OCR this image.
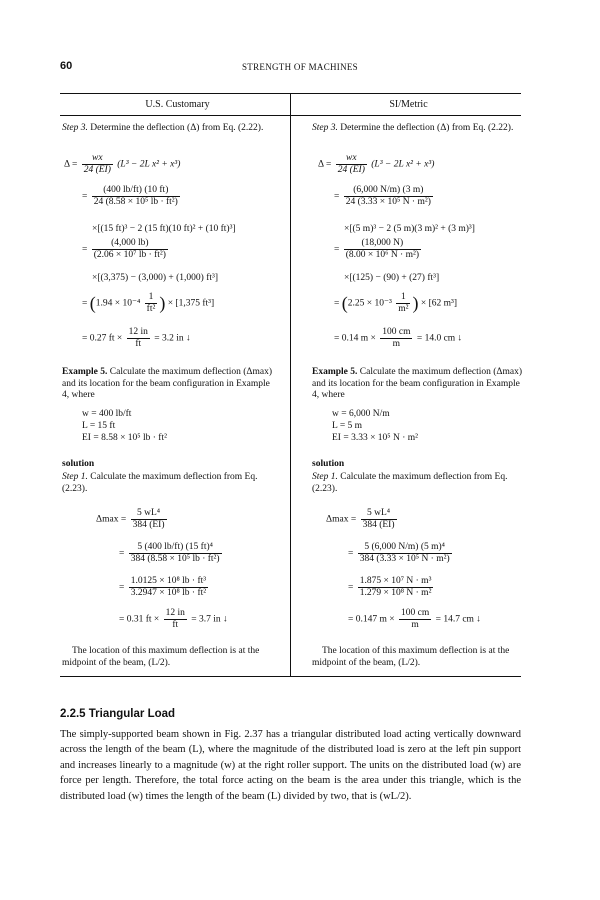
60	STRENGTH OF MACHINES
U.S. Customary	SI/Metric

Step 3. Determine the deflection (Δ) from Eq. (2.22).

$\Delta = \frac{wx}{24 (EI)} (L^3 - 2L$ x² + x³)
= $\frac{(400 lb/ft) (10 ft)}{\text{24 (8.58 × 10⁵ lb · ft²)}}$
×[(15 ft)³ − 2 (15 ft)(10 ft)² + (10 ft)³]
= $\frac{(4,000 lb)}{\text{(2.06 × 10⁷ lb · ft²)}}$
×[(3,375) − (3,000) + (1,000) ft³]
= ($1.94 \times 10^{-4} \frac{1}{\text{ft²}}$ ) × [1,375 ft³]
= 0.27 ft × $\frac{12 in}{ft} = 3.2$ in ↓

Example 5. Calculate the maximum deflection (Δmax) and its location for the beam configuration in Example 4, where

w = 400 lb/ft
L = 15 ft
EI = 8.58 × 10⁵ lb · ft²
solution

Step 1. Calculate the maximum deflection from Eq. (2.23).

$\Delta\max = \frac{\text{5 wL⁴}}{384 (EI)}$
= $\frac{\text{5 (400 lb/ft) (15 ft)⁴}}{\text{384 (8.58 × 10⁵ lb · ft²)}}$
= $\frac{\text{1.0125 × 10⁸ lb · ft³}}{\text{3.2947 × 10⁸ lb · ft²}}$
= 0.31 ft × $\frac{12 in}{ft} = 3.7$ in ↓

The location of this maximum deflection is at the midpoint of the beam, (L/2).

Step 3. Determine the deflection (Δ) from Eq. (2.22).

$\Delta = \frac{wx}{24 (EI)} (L^3 - 2L$ x² + x³)
= $\frac{(6,000 N/m) (3 m)}{\text{24 (3.33 × 10⁵ N · m²)}}$
×[(5 m)³ − 2 (5 m)(3 m)² + (3 m)³]
= $\frac{(18,000 N)}{\text{(8.00 × 10⁶ N · m²)}}$
×[(125) − (90) + (27) ft³]
= ($2.25 \times 10^{-3} \frac{1}{\text{m²}}$ ) × [62 m³]
= 0.14 $m \times \frac{100 cm}{m} = 14.0$ cm ↓

Example 5. Calculate the maximum deflection (Δmax) and its location for the beam configuration in Example 4, where

w = 6,000 N/m
L = 5 m
EI = 3.33 × 10⁵ N · m²
solution

Step 1. Calculate the maximum deflection from Eq. (2.23).

$\Delta\max = \frac{\text{5 wL⁴}}{384 (EI)}$
= $\frac{\text{5 (6,000 N/m) (5 m)⁴}}{\text{384 (3.33 × 10⁵ N · m²)}}$
= $\frac{\text{1.875 × 10⁷ N · m³}}{\text{1.279 × 10⁸ N · m²}}$
= 0.147 $m \times \frac{100 cm}{m} = 14.7$ cm ↓

The location of this maximum deflection is at the midpoint of the beam, (L/2).

2.2.5 Triangular Load
The simply-supported beam shown in Fig. 2.37 has a triangular distributed load acting vertically downward across the length of the beam (L), where the magnitude of the distributed load is zero at the left pin support and increases linearly to a magnitude (w) at the right roller support. The units on the distributed load (w) are force per length. Therefore, the total force acting on the beam is the area under this triangle, which is the distributed load (w) times the length of the beam (L) divided by two, that is (wL/2).
